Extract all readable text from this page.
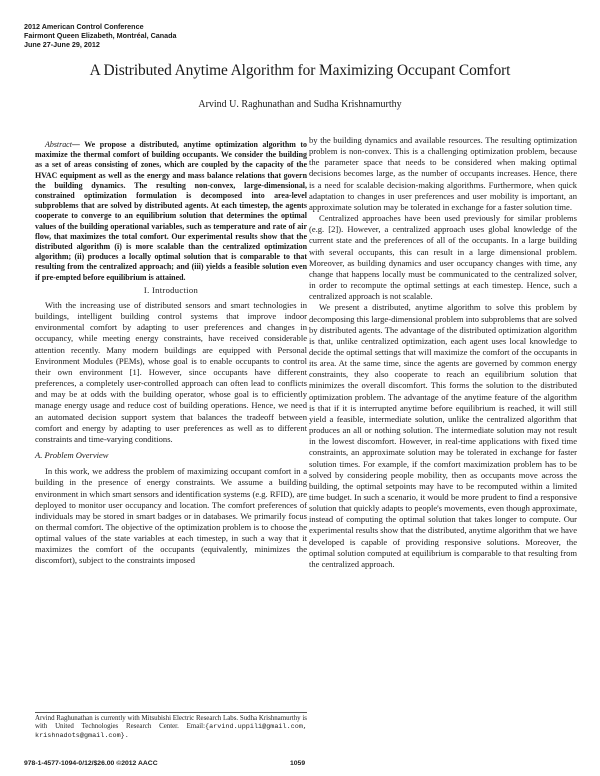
2012 American Control Conference
Fairmont Queen Elizabeth, Montréal, Canada
June 27-June 29, 2012
A Distributed Anytime Algorithm for Maximizing Occupant Comfort
Arvind U. Raghunathan and Sudha Krishnamurthy

Abstract— We propose a distributed, anytime optimization algorithm to maximize the thermal comfort of building occupants. We consider the building as a set of areas consisting of zones, which are coupled by the capacity of the HVAC equipment as well as the energy and mass balance relations that govern the building dynamics. The resulting non-convex, large-dimensional, constrained optimization formulation is decomposed into area-level subproblems that are solved by distributed agents. At each timestep, the agents cooperate to converge to an equilibrium solution that determines the optimal values of the building operational variables, such as temperature and rate of air flow, that maximizes the total comfort. Our experimental results show that the distributed algorithm (i) is more scalable than the centralized optimization algorithm; (ii) produces a locally optimal solution that is comparable to that resulting from the centralized approach; and (iii) yields a feasible solution even if pre-empted before equilibrium is attained.

I. Introduction

With the increasing use of distributed sensors and smart technologies in buildings, intelligent building control systems that improve indoor environmental comfort by adapting to user preferences and changes in occupancy, while meeting energy constraints, have received considerable attention recently. Many modern buildings are equipped with Personal Environment Modules (PEMs), whose goal is to enable occupants to control their own environment [1]. However, since occupants have different preferences, a completely user-controlled approach can often lead to conflicts and may be at odds with the building operator, whose goal is to efficiently manage energy usage and reduce cost of building operations. Hence, we need an automated decision support system that balances the tradeoff between comfort and energy by adapting to user preferences as well as to different constraints and time-varying conditions.

A. Problem Overview

In this work, we address the problem of maximizing occupant comfort in a building in the presence of energy constraints. We assume a building environment in which smart sensors and identification systems (e.g. RFID), are deployed to monitor user occupancy and location. The comfort preferences of individuals may be stored in smart badges or in databases. We primarily focus on thermal comfort. The objective of the optimization problem is to choose the optimal values of the state variables at each timestep, in such a way that it maximizes the comfort of the occupants (equivalently, minimizes the discomfort), subject to the constraints imposed

Arvind Raghunathan is currently with Mitsubishi Electric Research Labs. Sudha Krishnamurthy is with United Technologies Research Center. Email:{arvind.uppili@gmail.com, krishnadots@gmail.com}.

by the building dynamics and available resources. The resulting optimization problem is non-convex. This is a challenging optimization problem, because the parameter space that needs to be considered when making optimal decisions becomes large, as the number of occupants increases. Hence, there is a need for scalable decision-making algorithms. Furthermore, when quick adaptation to changes in user preferences and user mobility is important, an approximate solution may be tolerated in exchange for a faster solution time.

Centralized approaches have been used previously for similar problems (e.g. [2]). However, a centralized approach uses global knowledge of the current state and the preferences of all of the occupants. In a large building with several occupants, this can result in a large dimensional problem. Moreover, as building dynamics and user occupancy changes with time, any change that happens locally must be communicated to the centralized solver, in order to recompute the optimal settings at each timestep. Hence, such a centralized approach is not scalable.

We present a distributed, anytime algorithm to solve this problem by decomposing this large-dimensional problem into subproblems that are solved by distributed agents. The advantage of the distributed optimization algorithm is that, unlike centralized optimization, each agent uses local knowledge to decide the optimal settings that will maximize the comfort of the occupants in its area. At the same time, since the agents are governed by common energy constraints, they also cooperate to reach an equilibrium solution that minimizes the overall discomfort. This forms the solution to the distributed optimization problem. The advantage of the anytime feature of the algorithm is that if it is interrupted anytime before equilibrium is reached, it will still yield a feasible, intermediate solution, unlike the centralized algorithm that produces an all or nothing solution. The intermediate solution may not result in the lowest discomfort. However, in real-time applications with fixed time constraints, an approximate solution may be tolerated in exchange for faster solution times. For example, if the comfort maximization problem has to be solved by considering people mobility, then as occupants move across the building, the optimal setpoints may have to be recomputed within a limited time budget. In such a scenario, it would be more prudent to find a responsive solution that quickly adapts to people's movements, even though approximate, instead of computing the optimal solution that takes longer to compute. Our experimental results show that the distributed, anytime algorithm that we have developed is capable of providing responsive solutions. Moreover, the optimal solution computed at equilibrium is comparable to that resulting from the centralized approach.

978-1-4577-1094-0/12/$26.00 ©2012 AACC	1059
